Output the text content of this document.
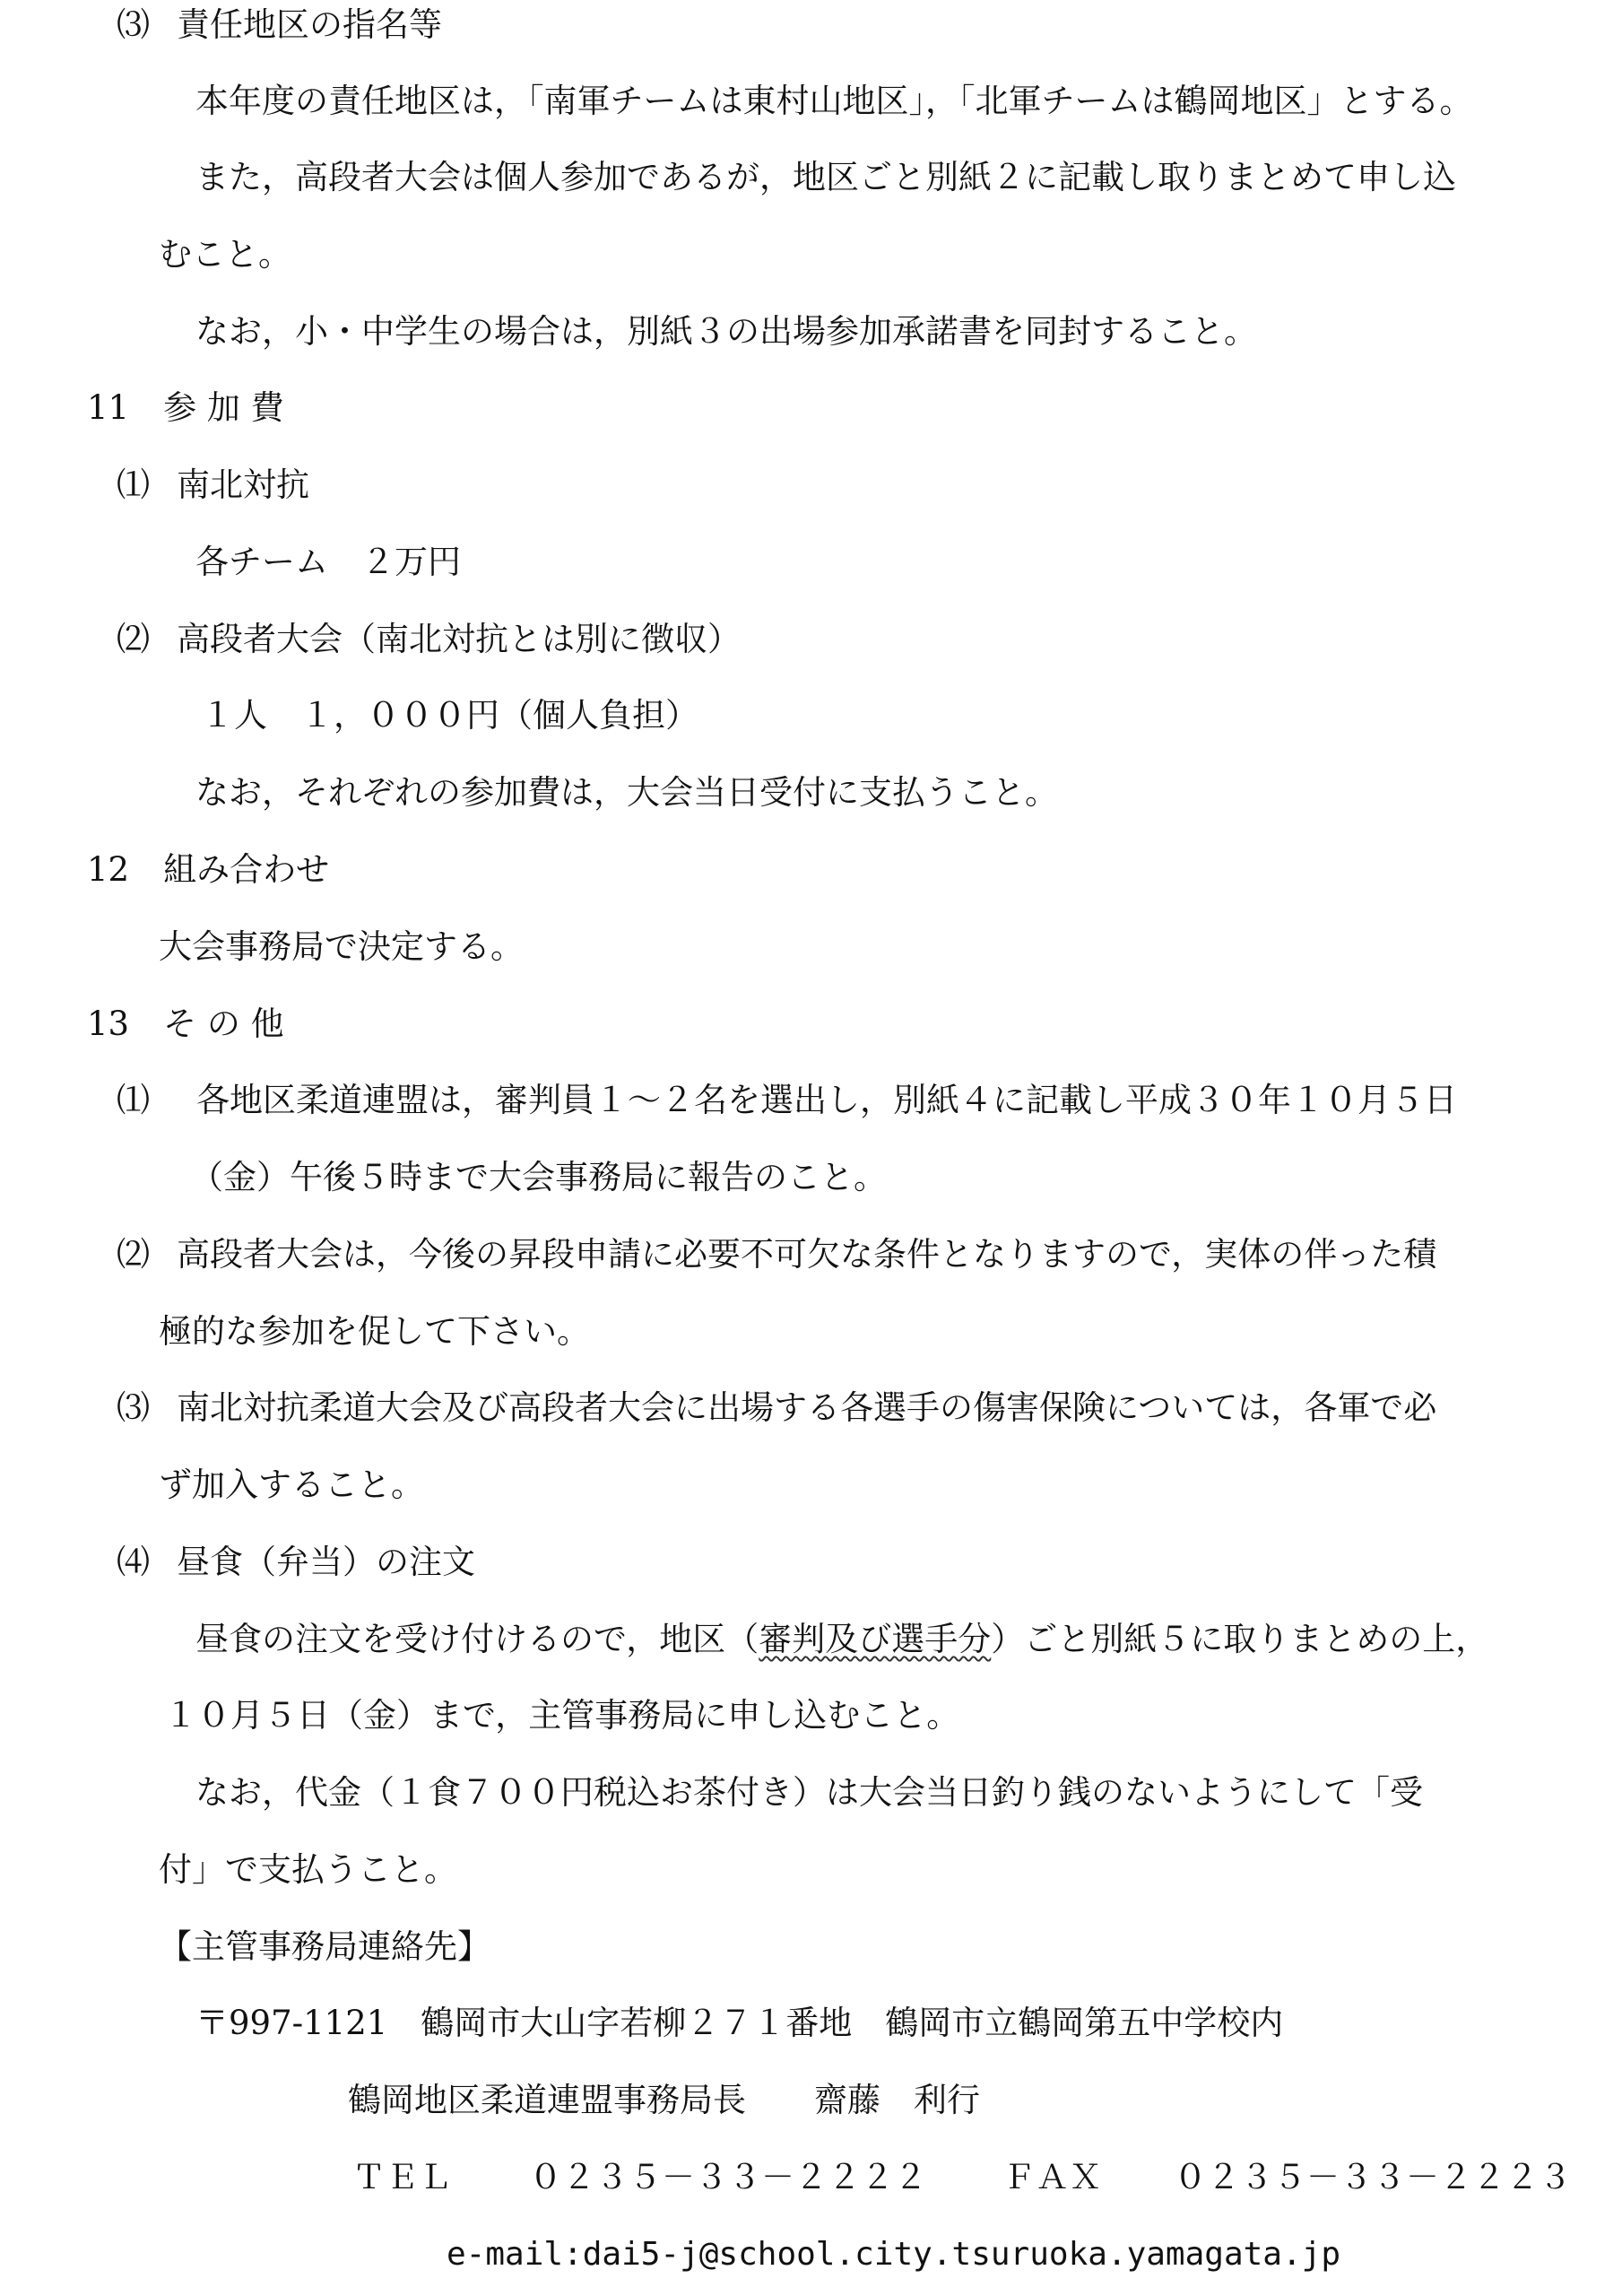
⑶ 責任地区の指名等
本年度の責任地区は，「南軍チームは東村山地区」，「北軍チームは鶴岡地区」とする。
また，高段者大会は個人参加であるが，地区ごと別紙２に記載し取りまとめて申し込
むこと。
なお，小・中学生の場合は，別紙３の出場参加承諾書を同封すること。
11 参 加 費
⑴ 南北対抗
各チーム　２万円
⑵ 高段者大会（南北対抗とは別に徴収）
１人　１，０００円（個人負担）
なお，それぞれの参加費は，大会当日受付に支払うこと。
12 組み合わせ
大会事務局で決定する。
13 そ の 他
⑴ 各地区柔道連盟は，審判員１～２名を選出し，別紙４に記載し平成３０年１０月５日
（金）午後５時まで大会事務局に報告のこと。
⑵ 高段者大会は，今後の昇段申請に必要不可欠な条件となりますので，実体の伴った積
極的な参加を促して下さい。
⑶ 南北対抗柔道大会及び高段者大会に出場する各選手の傷害保険については，各軍で必
ず加入すること。
⑷ 昼食（弁当）の注文
昼食の注文を受け付けるので，地区（審判及び選手分）ごと別紙５に取りまとめの上，
１０月５日（金）まで，主管事務局に申し込むこと。
なお，代金（１食７００円税込お茶付き）は大会当日釣り銭のないようにして「受
付」で支払うこと。
【主管事務局連絡先】
〒997-1121　鶴岡市大山字若柳２７１番地　鶴岡市立鶴岡第五中学校内
鶴岡地区柔道連盟事務局長 齋藤　利行
ＴＥＬ ０２３５－３３－２２２２ ＦＡＸ ０２３５－３３－２２２３
e-mail:dai5-j@school.city.tsuruoka.yamagata.jp
